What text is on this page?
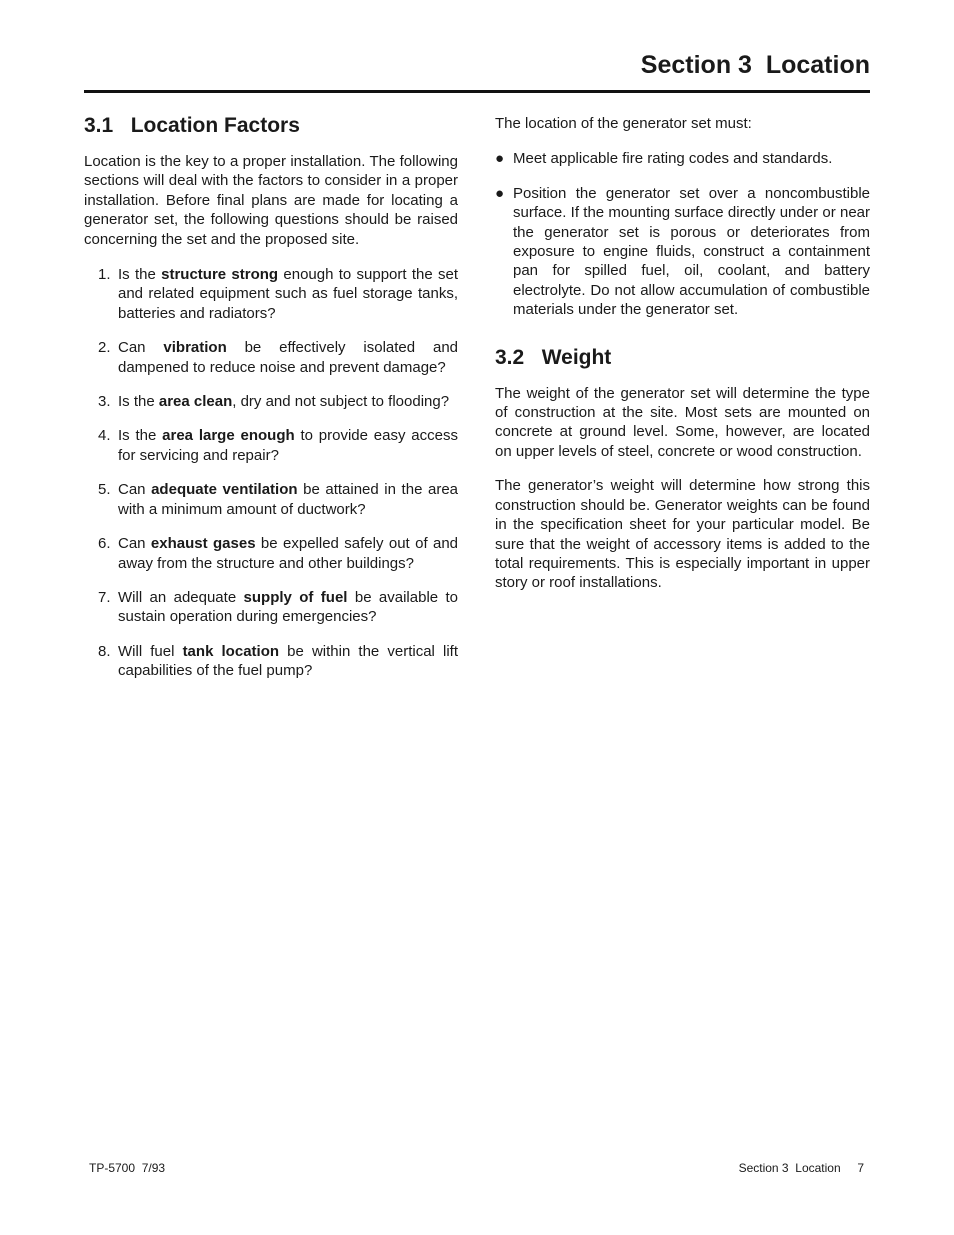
Section 3  Location
3.1   Location Factors

Location is the key to a proper installation. The following sections will deal with the factors to consider in a proper installation. Before final plans are made for locating a generator set, the following questions should be raised concerning the set and the proposed site.

1. Is the structure strong enough to support the set and related equipment such as fuel storage tanks, batteries and radiators?
2. Can vibration be effectively isolated and dampened to reduce noise and prevent damage?
3. Is the area clean, dry and not subject to flooding?
4. Is the area large enough to provide easy access for servicing and repair?
5. Can adequate ventilation be attained in the area with a minimum amount of ductwork?
6. Can exhaust gases be expelled safely out of and away from the structure and other buildings?
7. Will an adequate supply of fuel be available to sustain operation during emergencies?
8. Will fuel tank location be within the vertical lift capabilities of the fuel pump?

The location of the generator set must:

● Meet applicable fire rating codes and standards.
● Position the generator set over a noncombustible surface. If the mounting surface directly under or near the generator set is porous or deteriorates from exposure to engine fluids, construct a containment pan for spilled fuel, oil, coolant, and battery electrolyte. Do not allow accumulation of combustible materials under the generator set.
3.2   Weight

The weight of the generator set will determine the type of construction at the site. Most sets are mounted on concrete at ground level. Some, however, are located on upper levels of steel, concrete or wood construction.

The generator’s weight will determine how strong this construction should be. Generator weights can be found in the specification sheet for your particular model. Be sure that the weight of accessory items is added to the total requirements. This is especially important in upper story or roof installations.

TP-5700  7/93	Section 3  Location 7
